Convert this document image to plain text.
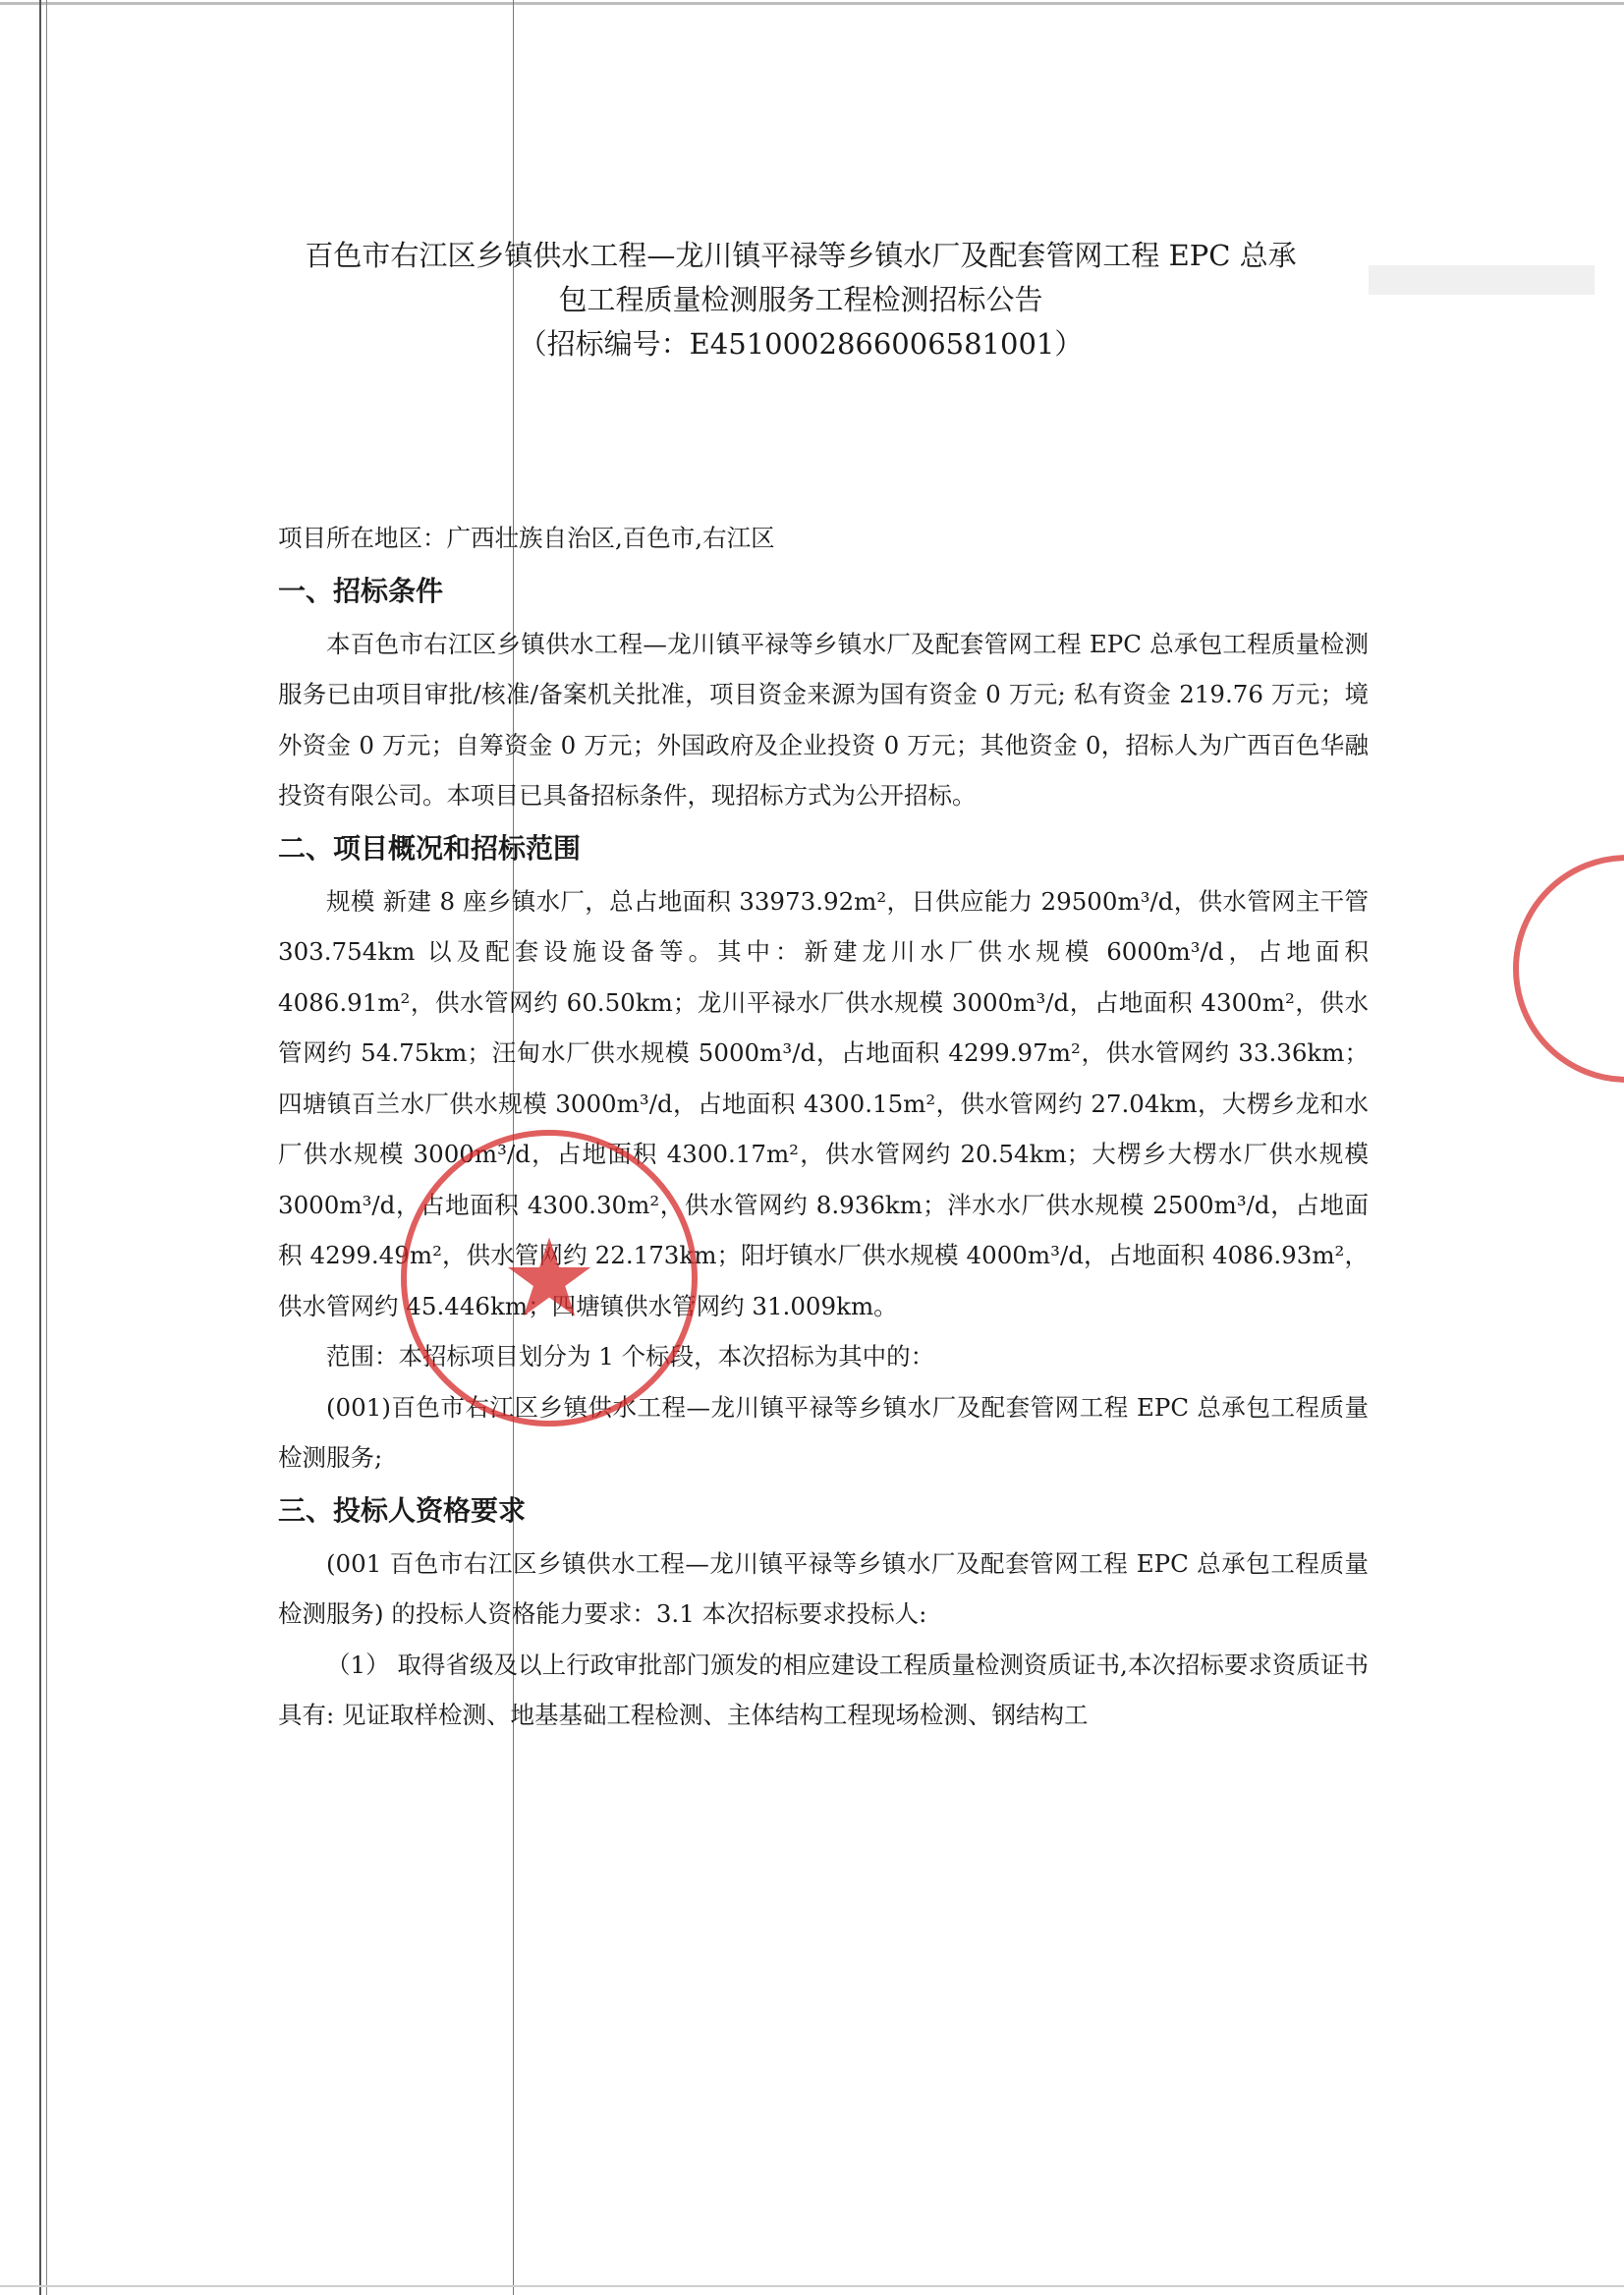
百色市右江区乡镇供水工程—龙川镇平禄等乡镇水厂及配套管网工程 EPC 总承
包工程质量检测服务工程检测招标公告
（招标编号：E4510002866006581001）

项目所在地区：广西壮族自治区,百色市,右江区

一、招标条件

本百色市右江区乡镇供水工程—龙川镇平禄等乡镇水厂及配套管网工程 EPC 总承包工程质量检测服务已由项目审批/核准/备案机关批准，项目资金来源为国有资金 0 万元; 私有资金 219.76 万元；境外资金 0 万元；自筹资金 0 万元；外国政府及企业投资 0 万元；其他资金 0，招标人为广西百色华融投资有限公司。本项目已具备招标条件，现招标方式为公开招标。

二、项目概况和招标范围

规模 新建 8 座乡镇水厂，总占地面积 33973.92m²，日供应能力 29500m³/d，供水管网主干管 303.754km 以及配套设施设备等。其中：新建龙川水厂供水规模 6000m³/d，占地面积 4086.91m²，供水管网约 60.50km；龙川平禄水厂供水规模 3000m³/d，占地面积 4300m²，供水管网约 54.75km；汪甸水厂供水规模 5000m³/d，占地面积 4299.97m²，供水管网约 33.36km；四塘镇百兰水厂供水规模 3000m³/d，占地面积 4300.15m²，供水管网约 27.04km，大楞乡龙和水厂供水规模 3000m³/d，占地面积 4300.17m²，供水管网约 20.54km；大楞乡大楞水厂供水规模 3000m³/d，占地面积 4300.30m²，供水管网约 8.936km；泮水水厂供水规模 2500m³/d，占地面积 4299.49m²，供水管网约 22.173km；阳圩镇水厂供水规模 4000m³/d，占地面积 4086.93m²，供水管网约 45.446km；四塘镇供水管网约 31.009km。

范围：本招标项目划分为 1 个标段，本次招标为其中的：

(001)百色市右江区乡镇供水工程—龙川镇平禄等乡镇水厂及配套管网工程 EPC 总承包工程质量检测服务;

三、投标人资格要求

(001 百色市右江区乡镇供水工程—龙川镇平禄等乡镇水厂及配套管网工程 EPC 总承包工程质量检测服务) 的投标人资格能力要求：3.1 本次招标要求投标人:

（1） 取得省级及以上行政审批部门颁发的相应建设工程质量检测资质证书,本次招标要求资质证书具有: 见证取样检测、地基基础工程检测、主体结构工程现场检测、钢结构工

★
